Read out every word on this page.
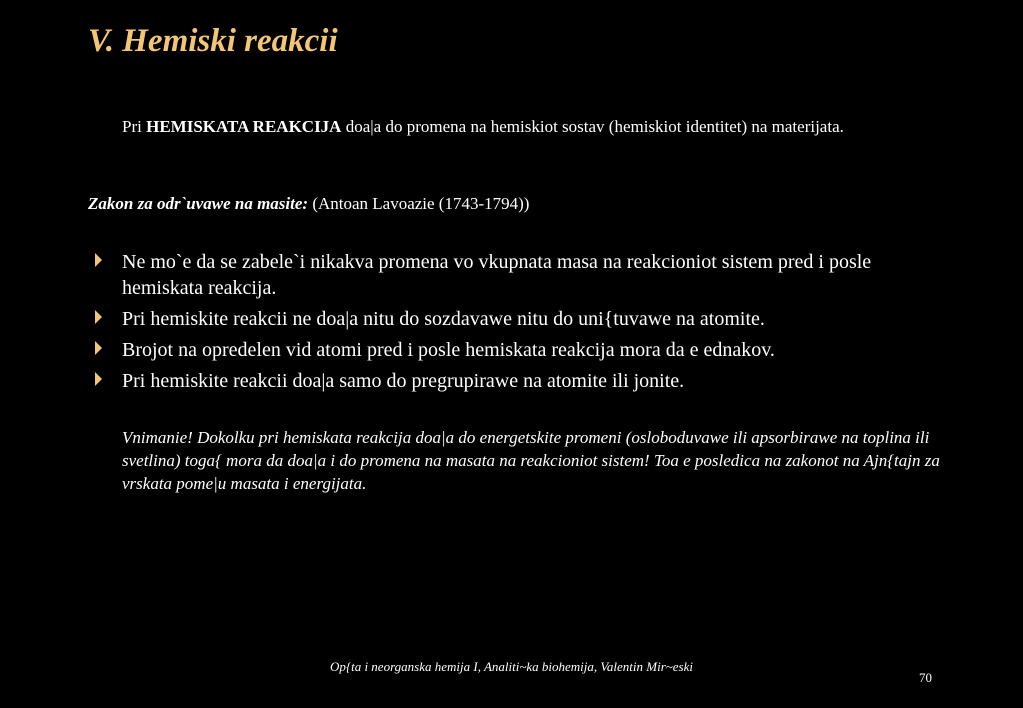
V. Hemiski reakcii
Pri HEMISKATA REAKCIJA doa|a do promena na hemiskiot sostav (hemiskiot identitet) na materijata.
Zakon za odr`uvawe na masite: (Antoan Lavoazie (1743-1794))
Ne mo`e da se zabele`i nikakva promena vo vkupnata masa na reakcioniot sistem pred i posle hemiskata reakcija.
Pri hemiskite reakcii ne doa|a nitu do sozdavawe nitu do uni{tuvawe na atomite.
Brojot na opredelen vid atomi pred i posle hemiskata reakcija mora da e ednakov.
Pri hemiskite reakcii doa|a samo do pregrupirawe na atomite ili jonite.
Vnimanie! Dokolku pri hemiskata reakcija doa|a do energetskite promeni (osloboduvawe ili apsorbirawe na toplina ili svetlina) toga{ mora da doa|a i do promena na masata na reakcioniot sistem! Toa e posledica na zakonot na Ajn{tajn za vrskata pome|u masata i energijata.
Op{ta i neorganska hemija I, Analiti~ka biohemija, Valentin Mir~eski
70
